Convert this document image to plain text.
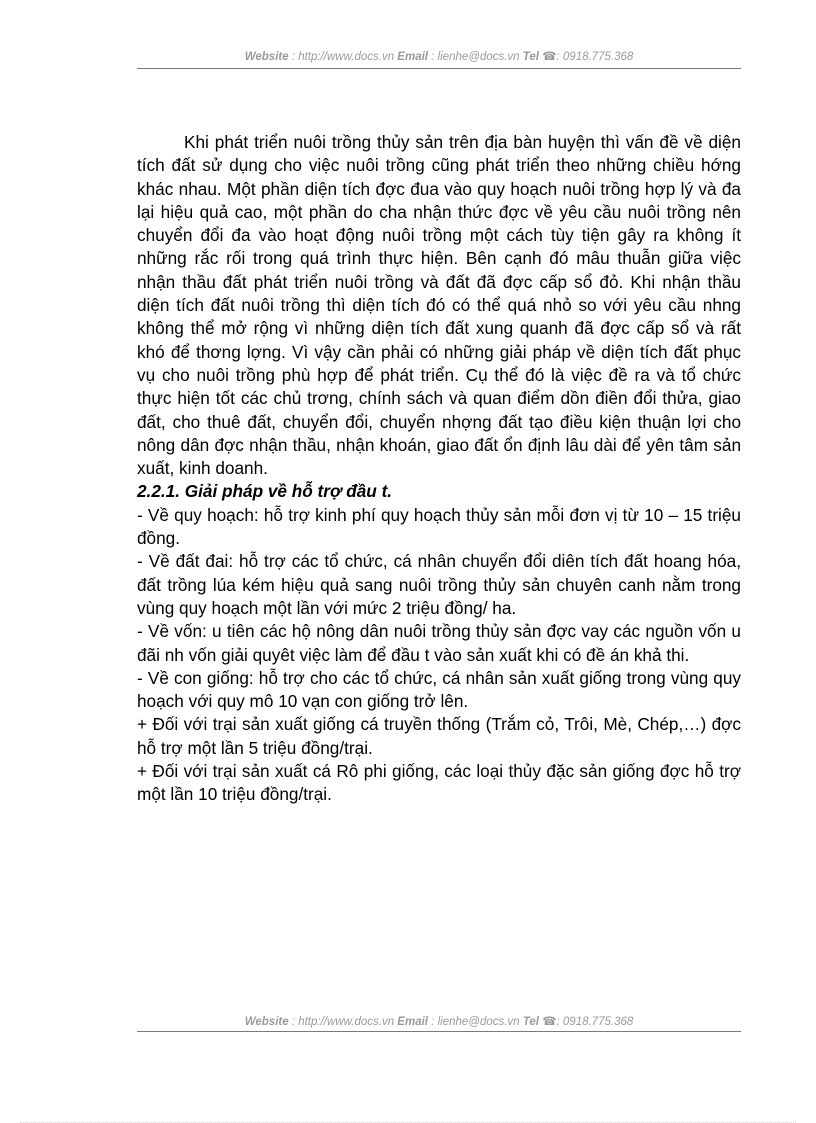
Website : http://www.docs.vn Email : lienhe@docs.vn Tel ☎: 0918.775.368

Khi phát triển nuôi trồng thủy sản trên địa bàn huyện thì vấn đề về diện tích đất sử dụng cho việc nuôi trồng cũng phát triển theo những chiều hớng khác nhau. Một phần diện tích đợc đua vào quy hoạch nuôi trồng hợp lý và đa lại hiệu quả cao, một phần do cha nhận thức đợc về yêu cầu nuôi trồng nên chuyển đổi đa vào hoạt động nuôi trồng một cách tùy tiện gây ra không ít những rắc rối trong quá trình thực hiện. Bên cạnh đó mâu thuẫn giữa việc nhận thầu đất phát triển nuôi trồng và đất đã đợc cấp sổ đỏ. Khi nhận thầu diện tích đất nuôi trồng thì diện tích đó có thể quá nhỏ so với yêu cầu nhng không thể mở rộng vì những diện tích đất xung quanh đã đợc cấp sổ và rất khó để thơng lợng. Vì vậy cần phải có những giải pháp về diện tích đất phục vụ cho nuôi trồng phù hợp để phát triển. Cụ thể đó là việc đề ra và tổ chức thực hiện tốt các chủ trơng, chính sách và quan điểm dồn điền đổi thửa, giao đất, cho thuê đất, chuyển đổi, chuyển nhợng đất tạo điều kiện thuận lợi cho nông dân đợc nhận thầu, nhận khoán, giao đất ổn định lâu dài để yên tâm sản xuất, kinh doanh.

2.2.1. Giải pháp về hỗ trợ đầu t.

- Về quy hoạch: hỗ trợ kinh phí quy hoạch thủy sản mỗi đơn vị từ 10 – 15 triệu đồng.

- Về đất đai: hỗ trợ các tổ chức, cá nhân chuyển đổi diên tích đất hoang hóa, đất trồng lúa kém hiệu quả sang nuôi trồng thủy sản chuyên canh nằm trong vùng quy hoạch một lần với mức 2 triệu đồng/ ha.

- Về vốn: u tiên các hộ nông dân nuôi trồng thủy sản đợc vay các nguồn vốn u đãi nh vốn giải quyêt việc làm để đầu t vào sản xuất khi có đề án khả thi.

- Về con giống: hỗ trợ cho các tổ chức, cá nhân sản xuất giống trong vùng quy hoạch với quy mô 10 vạn con giống trở lên.

+ Đối với trại sản xuất giống cá truyền thống (Trắm cỏ, Trôi, Mè, Chép,…) đợc hỗ trợ một lần 5 triệu đồng/trại.

+ Đối với trại sản xuất cá Rô phi giống, các loại thủy đặc sản giống đợc hỗ trợ một lần 10 triệu đồng/trại.

Website : http://www.docs.vn Email : lienhe@docs.vn Tel ☎: 0918.775.368
